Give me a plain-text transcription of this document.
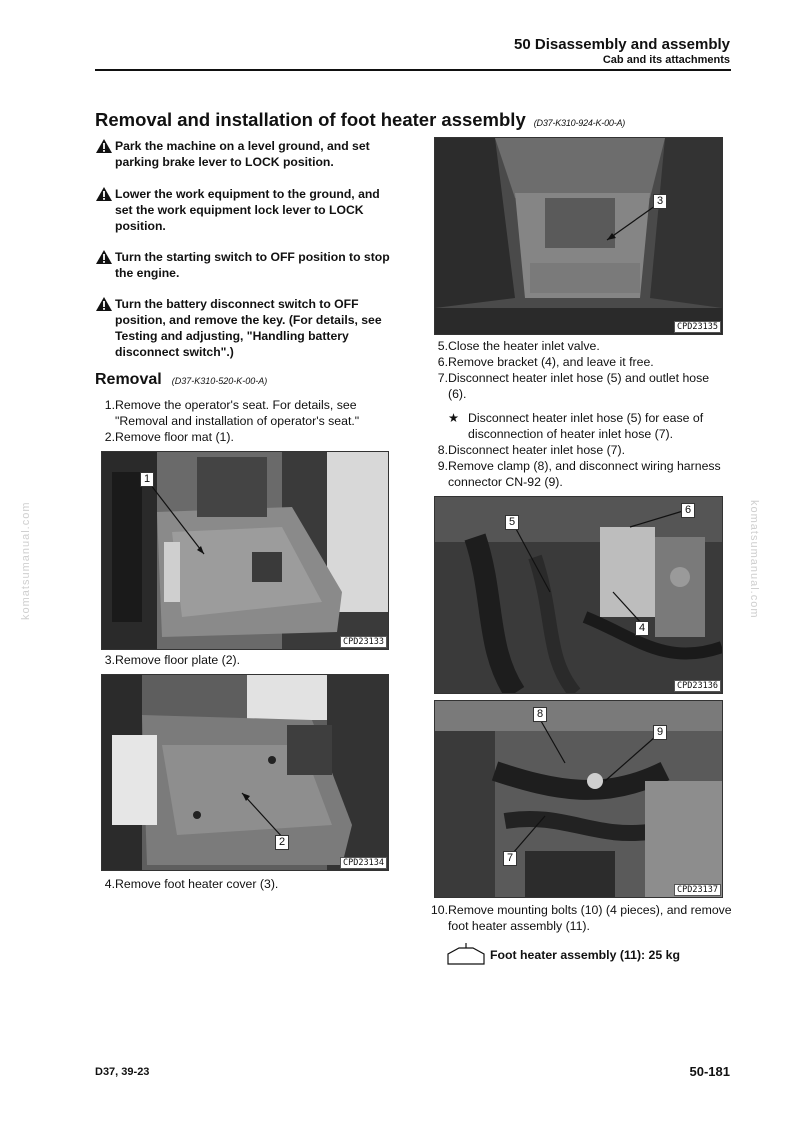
50 Disassembly and assembly
Cab and its attachments
Removal and installation of foot heater assembly (D37-K310-924-K-00-A)
Park the machine on a level ground, and set parking brake lever to LOCK position.
Lower the work equipment to the ground, and set the work equipment lock lever to LOCK position.
Turn the starting switch to OFF position to stop the engine.
Turn the battery disconnect switch to OFF position, and remove the key. (For details, see Testing and adjusting, "Handling battery disconnect switch".)
Removal (D37-K310-520-K-00-A)
1. Remove the operator's seat. For details, see "Removal and installation of operator's seat."
2. Remove floor mat (1).
1
CPD23133
3. Remove floor plate (2).
2
CPD23134
4. Remove foot heater cover (3).
3
CPD23135
5. Close the heater inlet valve.
6. Remove bracket (4), and leave it free.
7. Disconnect heater inlet hose (5) and outlet hose (6).
★ Disconnect heater inlet hose (5) for ease of disconnection of heater inlet hose (7).
8. Disconnect heater inlet hose (7).
9. Remove clamp (8), and disconnect wiring harness connector CN-92 (9).
5
6
4
CPD23136
8
9
7
CPD23137
10. Remove mounting bolts (10) (4 pieces), and remove foot heater assembly (11).
Foot heater assembly (11): 25 kg
komatsumanual.com	komatsumanual.com
D37, 39-23	50-181
